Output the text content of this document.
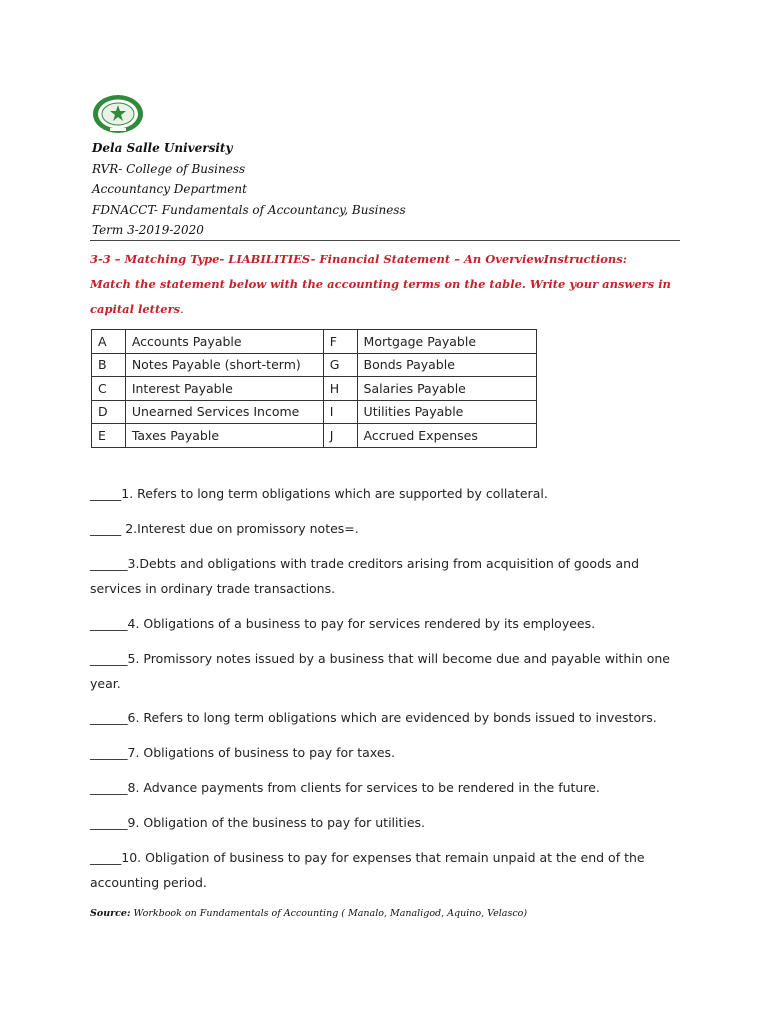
Dela Salle University
RVR- College of Business
Accountancy Department
FDNACCT- Fundamentals of Accountancy, Business
Term 3-2019-2020
3-3 – Matching Type- LIABILITIES- Financial Statement – An OverviewInstructions:
Match the statement below with the accounting terms on the table. Write your answers in
capital letters.
A	Accounts Payable	F	Mortgage Payable
B	Notes Payable (short-term)	G	Bonds Payable
C	Interest Payable	H	Salaries Payable
D	Unearned Services Income	I	Utilities Payable
E	Taxes Payable	J	Accrued Expenses
_____1. Refers to long term obligations which are supported by collateral.
_____ 2.Interest due on promissory notes=.
______3.Debts and obligations with trade creditors arising from acquisition of goods and services in ordinary trade transactions.
______4. Obligations of a business to pay for services rendered by its employees.
______5. Promissory notes issued by a business that will become due and payable within one year.
______6. Refers to long term obligations which are evidenced by bonds issued to investors.
______7. Obligations of business to pay for taxes.
______8. Advance payments from clients for services to be rendered in the future.
______9. Obligation of the business to pay for utilities.
_____10. Obligation of business to pay for expenses that remain unpaid at the end of the accounting period.
Source: Workbook on Fundamentals of Accounting ( Manalo, Manaligod, Aquino, Velasco)
